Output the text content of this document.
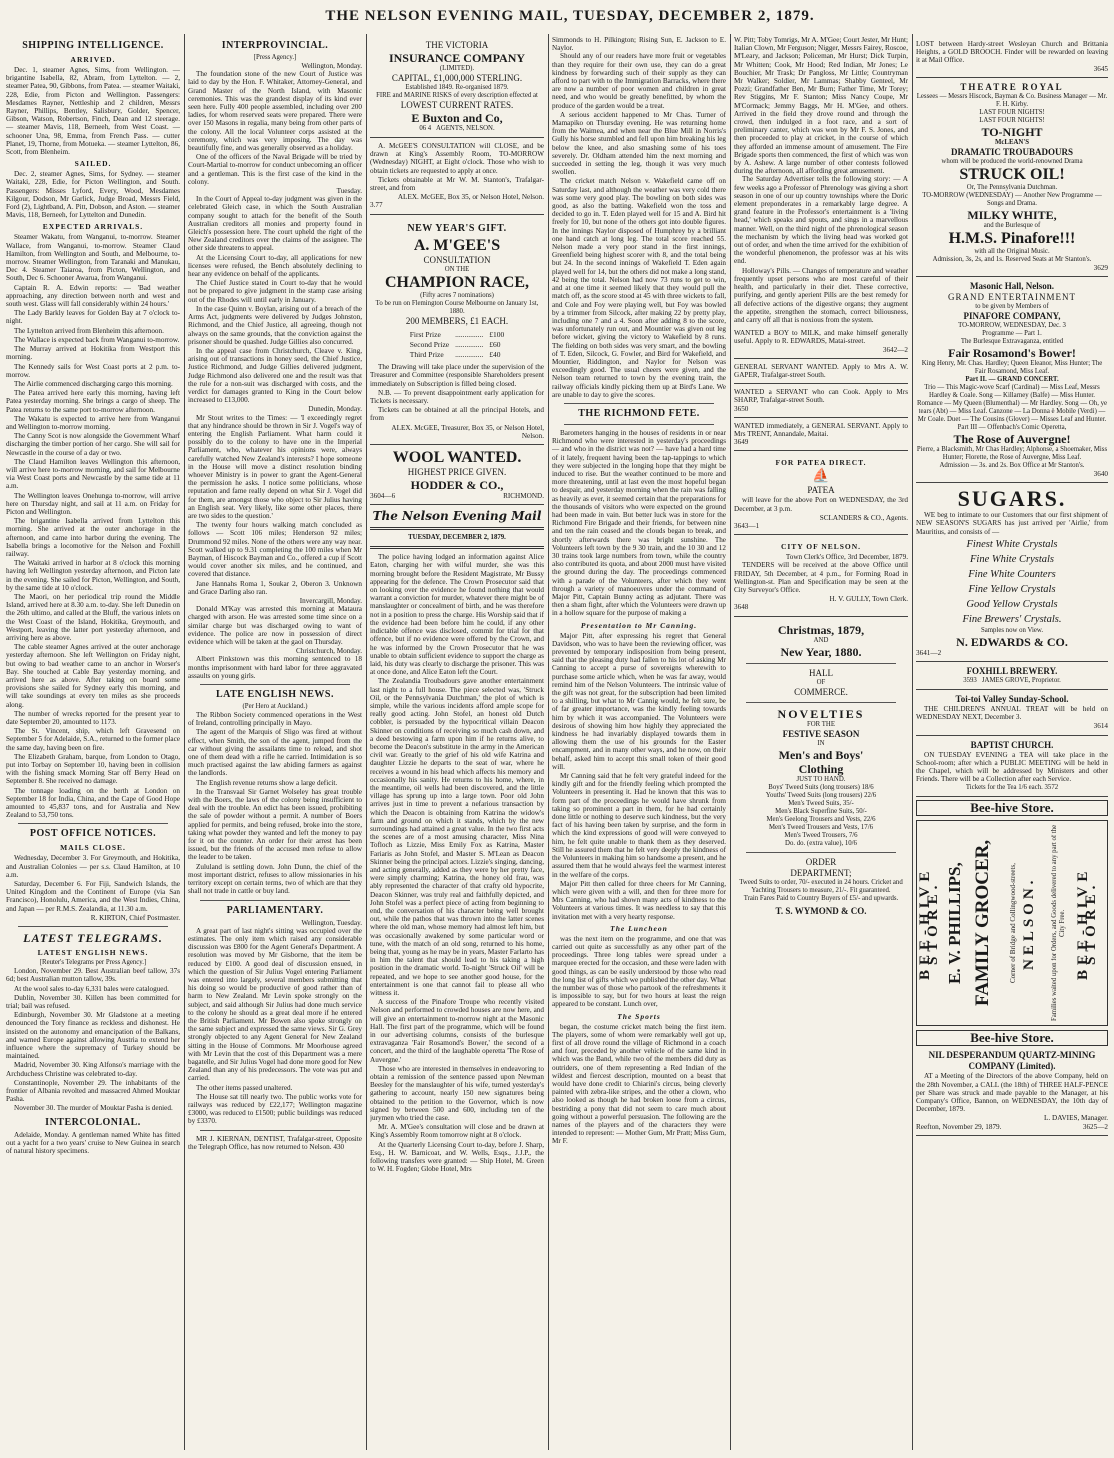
THE NELSON EVENING MAIL, TUESDAY, DECEMBER 2, 1879.
SHIPPING INTELLIGENCE.
ARRIVED.
Dec. 1, steamer Agnes, Sims, from Wellington. — brigantine Isabella, 82, Abram, from Lyttelton. — 2, steamer Patea, 90, Gibbons, from Patea. — steamer Waitaki, 228, Edie, from Picton and Wellington. Passengers: Mesdames Rayner, Nettleship and 2 children, Messrs Rayner, Phillips, Bentley, Salisbury, Golder, Spencer, Gibson, Watson, Robertson, Finch, Dean and 12 steerage. — steamer Mavis, 118, Berneeh, from West Coast. — schooner Una, 98, Emma, from French Pass. — cutter Planet, 19, Thorne, from Motueka. — steamer Lyttelton, 86, Scott, from Blenheim.
SAILED.
Dec. 2, steamer Agnes, Sims, for Sydney. — steamer Waitaki, 228, Edie, for Picton Wellington, and South. Passengers: Misses Lyford, Every, Wood, Mesdames Kilgour, Dodson, Mr Garlick, Judge Broad, Messrs Field, Ford (2), Lightband, A. Pitt, Dobson, and Aston. — steamer Mavis, 118, Berneeh, for Lyttelton and Dunedin.
EXPECTED ARRIVALS.
Steamer Wakatu, from Wanganui, to-morrow. Steamer Wallace, from Wanganui, to-morrow. Steamer Claud Hamilton, from Wellington and South, and Melbourne, to-morrow. Steamer Wellington, from Taranaki and Manukau, Dec 4. Steamer Taiaroa, from Picton, Wellington, and South, Dec 6. Schooner Awarua, from Wanganui.
Captain R. A. Edwin reports: — 'Bad weather approaching, any direction between north and west and south west. Glass will fall considerably within 24 hours.'
The Lady Barkly leaves for Golden Bay at 7 o'clock to-night.
The Lyttelton arrived from Blenheim this afternoon.
The Wallace is expected back from Wanganui to-morrow.
The Murray arrived at Hokitika from Westport this morning.
The Kennedy sails for West Coast ports at 2 p.m. to-morrow.
The Airlie commenced discharging cargo this morning.
The Patea arrived here early this morning, having left Patea yesterday morning. She brings a cargo of sheep. The Patea returns to the same port to-morrow afternoon.
The Wakatu is expected to arrive here from Wanganui and Wellington to-morrow morning.
The Canny Scot is now alongside the Government Wharf discharging the timber portion of her cargo. She will sail for Newcastle in the course of a day or two.
The Claud Hamilton leaves Wellington this afternoon, will arrive here to-morrow morning, and sail for Melbourne via West Coast ports and Newcastle by the same tide at 11 a.m.
The Wellington leaves Onehunga to-morrow, will arrive here on Thursday night, and sail at 11 a.m. on Friday for Picton and Wellington.
The brigantine Isabella arrived from Lyttelton this morning. She arrived at the outer anchorage in the afternoon, and came into harbor during the evening. The Isabella brings a locomotive for the Nelson and Foxhill railway.
The Waitaki arrived in harbor at 8 o'clock this morning having left Wellington yesterday afternoon, and Picton late in the evening. She sailed for Picton, Wellington, and South, by the same tide at 10 o'clock.
The Maori, on her periodical trip round the Middle Island, arrived here at 8.30 a.m. to-day. She left Dunedin on the 26th ultimo, and called at the Bluff, the various inlets on the West Coast of the Island, Hokitika, Greymouth, and Westport, leaving the latter port yesterday afternoon, and arriving here as above.
The cable steamer Agnes arrived at the outer anchorage yesterday afternoon. She left Wellington on Friday night, but owing to bad weather came to an anchor in Worser's Bay. She touched at Cable Bay yesterday morning, and arrived here as above. After taking on board some provisions she sailed for Sydney early this morning, and will take soundings at every ten miles as she proceeds along.
The number of wrecks reported for the present year to date September 20, amounted to 1173.
The St. Vincent, ship, which left Gravesend on September 5 for Adelaide, S.A., returned to the former place the same day, having been on fire.
The Elizabeth Graham, barque, from London to Otago, put into Torbay on September 10, having been in collision with the fishing smack Morning Star off Berry Head on September 8. She received no damage.
The tonnage loading on the berth at London on September 18 for India, China, and the Cape of Good Hope amounted to 45,837 tons, and for Australia and New Zealand to 53,750 tons.
POST OFFICE NOTICES.
MAILS CLOSE.
Wednesday, December 3. For Greymouth, and Hokitika, and Australian Colonies — per s.s. Claud Hamilton, at 10 a.m.
Saturday, December 6. For Fiji, Sandwich Islands, the United Kingdom and the Continent of Europe (via San Francisco), Honolulu, America, and the West Indies, China, and Japan — per R.M.S. Zealandia, at 11.30 a.m.
R. KIRTON, Chief Postmaster.
LATEST TELEGRAMS.
LATEST ENGLISH NEWS.
[Reuter's Telegrams per Press Agency.]
London, November 29. Best Australian beef tallow, 37s 6d; best Australian mutton tallow, 39s.
At the wool sales to-day 6,331 bales were catalogued.
Dublin, November 30. Killen has been committed for trial; bail was refused.
Edinburgh, November 30. Mr Gladstone at a meeting denounced the Tory finance as reckless and dishonest. He insisted on the autonomy and emancipation of the Balkans, and warned Europe against allowing Austria to extend her influence where the supremacy of Turkey should be maintained.
Madrid, November 30. King Alfonso's marriage with the Archduchess Christine was celebrated to-day.
Constantinople, November 29. The inhabitants of the frontier of Albania revolted and massacred Ahmed Mouktar Pasha.
November 30. The murder of Mouktar Pasha is denied.
INTERCOLONIAL.
Adelaide, Monday. A gentleman named White has fitted out a yacht for a two years' cruise to New Guinea in search of natural history specimens.
INTERPROVINCIAL.
[Press Agency.]
Wellington, Monday.
The foundation stone of the new Court of Justice was laid to day by the Hon. F. Whitaker, Attorney-General, and Grand Master of the North Island, with Masonic ceremonies. This was the grandest display of its kind ever seen here. Fully 400 people assembled, including over 200 ladies, for whom reserved seats were prepared. There were over 150 Masons in regalia, many being from other parts of the colony. All the local Volunteer corps assisted at the ceremony, which was very imposing. The day was beautifully fine, and was generally observed as a holiday.
One of the officers of the Naval Brigade will be tried by Court-Martial to-morrow for conduct unbecoming an officer and a gentleman. This is the first case of the kind in the colony.
Tuesday.
In the Court of Appeal to-day judgment was given in the celebrated Gleich case, in which the South Australian company sought to attach for the benefit of the South Australian creditors all monies and property found in Gleich's possession here. The court upheld the right of the New Zealand creditors over the claims of the assignee. The other side threatens to appeal.
At the Licensing Court to-day, all applications for new licenses were refused, the Bench absolutely declining to hear any evidence on behalf of the applicants.
The Chief Justice stated in Court to-day that he would not be prepared to give judgment in the stamp case arising out of the Rhodes will until early in January.
In the case Quinn v. Boylan, arising out of a breach of the Arms Act, judgments were delivered by Judges Johnston, Richmond, and the Chief Justice, all agreeing, though not always on the same grounds, that the conviction against the prisoner should be quashed. Judge Gillies also concurred.
In the appeal case from Christchurch, Cleave v. King, arising out of transactions in honey seed, the Chief Justice, Justice Richmond, and Judge Gillies delivered judgment, Judge Richmond also delivered one and the result was that the rule for a non-suit was discharged with costs, and the verdict for damages granted to King in the Court below increased to £13,000.
Dunedin, Monday.
Mr Stout writes to the Times: — 'I exceedingly regret that any hindrance should be thrown in Sir J. Vogel's way of entering the English Parliament. What harm could it possibly do to the colony to have one in the Imperial Parliament, who, whatever his opinions were, always carefully watched New Zealand's interests? I hope someone in the House will move a distinct resolution binding whoever Ministry is in power to grant the Agent-General the permission he asks. I notice some politicians, whose reputation and fame really depend on what Sir J. Vogel did for them, are amongst those who object to Sir Julius having an English seat. Very likely, like some other places, there are two sides to the question.'
The twenty four hours walking match concluded as follows — Scott 106 miles; Henderson 92 miles; Drummond 92 miles. None of the others were any way near. Scott walked up to 9.31 completing the 100 miles when Mr Bayman, of Hiscock Bayman and Co., offered a cup if Scott would cover another six miles, and he continued, and covered that distance.
Jane Hannahs Roma 1, Soukar 2, Oberon 3. Unknown and Grace Darling also ran.
Invercargill, Monday.
Donald M'Kay was arrested this morning at Mataura charged with arson. He was arrested some time since on a similar charge but was discharged owing to want of evidence. The police are now in possession of direct evidence which will be taken at the gaol on Thursday.
Christchurch, Monday.
Albert Pinkstown was this morning sentenced to 18 months imprisonment with hard labor for three aggravated assaults on young girls.
LATE ENGLISH NEWS.
(Per Hero at Auckland.)
The Ribbon Society commenced operations in the West of Ireland, controlling principally in Mayo.
The agent of the Marquis of Sligo was fired at without effect, when Smith, the son of the agent, jumped from the car without giving the assailants time to reload, and shot one of them dead with a rifle he carried. Intimidation is so much practised against the law abiding farmers as against the landlords.
The English revenue returns show a large deficit.
In the Transvaal Sir Garnet Wolseley has great trouble with the Boers, the laws of the colony being insufficient to deal with the trouble. An edict has been issued, prohibiting the sale of powder without a permit. A number of Boers applied for permits, and being refused, broke into the store, taking what powder they wanted and left the money to pay for it on the counter. An order for their arrest has been issued, but the friends of the accused men refuse to allow the leader to be taken.
Zululand is settling down. John Dunn, the chief of the most important district, refuses to allow missionaries in his territory except on certain terms, two of which are that they shall not trade in cattle or buy land.
PARLIAMENTARY.
Wellington, Tuesday.
A great part of last night's sitting was occupied over the estimates. The only item which raised any considerable discussion was £800 for the Agent General's Department. A resolution was moved by Mr Gisborne, that the item be reduced by £100. A good deal of discussion ensued, in which the question of Sir Julius Vogel entering Parliament was entered into largely, several members submitting that his doing so would be productive of good rather than of harm to New Zealand. Mr Levin spoke strongly on the subject, and said although Sir Julius had done much service to the colony he should as a great deal more if he entered the British Parliament. Mr Bowen also spoke strongly on the same subject and expressed the same views. Sir G. Grey strongly objected to any Agent General for New Zealand sitting in the House of Commons. Mr Moorhouse agreed with Mr Levin that the cost of this Department was a mere bagatelle, and Sir Julius Vogel had done more good for New Zealand than any of his predecessors. The vote was put and carried.
The other items passed unaltered.
The House sat till nearly two. The public works vote for railways was reduced by £22,177; Wellington magazine £3000, was reduced to £1500; public buildings was reduced by £3370.
MR J. KIERNAN, DENTIST, Trafalgar-street, Opposite the Telegraph Office, has now returned to Nelson. 430
THE VICTORIA
INSURANCE COMPANY
(LIMITED).
CAPITAL, £1,000,000 STERLING.
Established 1849. Re-organised 1879.
FIRE and MARINE RISKS of every description effected at
LOWEST CURRENT RATES.
E Buxton and Co,
06 4 AGENTS, NELSON.
A. McGEE'S CONSULTATION will CLOSE, and be drawn at King's Assembly Room, TO-MORROW (Wednesday) NIGHT, at Eight o'clock. Those who wish to obtain tickets are requested to apply at once.
Tickets obtainable at Mr W. M. Stanton's, Trafalgar-street, and from
ALEX. McGEE, Box 35, or Nelson Hotel, Nelson.
3.77
NEW YEAR'S GIFT.
A. M'GEE'S
CONSULTATION
ON THE
CHAMPION RACE,
(Fifty acres 7 nominations)
To be run on Flemington Course Melbourne on January 1st, 1880.
200 MEMBERS, £1 EACH.
First Prize	...............	£100
Second Prize	...............	£60
Third Prize	...............	£40
The Drawing will take place under the supervision of the Treasurer and Committee (responsible Shareholders present immediately on Subscription is filled being closed.
N.B. — To prevent disappointment early application for Tickets is necessary.
Tickets can be obtained at all the principal Hotels, and from
ALEX. McGEE, Treasurer, Box 35, or Nelson Hotel, Nelson.
WOOL WANTED.
HIGHEST PRICE GIVEN.
HODDER & CO.,
3604—6	RICHMOND.
The Nelson Evening Mail
TUESDAY, DECEMBER 2, 1879.
The police having lodged an information against Alice Eaton, charging her with wilful murder, she was this morning brought before the Resident Magistrate, Mr Bussy appearing for the defence. The Crown Prosecutor said that on looking over the evidence he found nothing that would warrant a conviction for murder, whatever there might be of manslaughter or concealment of birth, and he was therefore not in a position to press the charge. His Worship said that if the evidence had been before him he could, if any other indictable offence was disclosed, commit for trial for that offence, but if no evidence were offered by the Crown, and he was informed by the Crown Prosecutor that he was unable to obtain sufficient evidence to support the charge as laid, his duty was clearly to discharge the prisoner. This was at once done, and Alice Eaton left the Court.
The Zealandia Troubadours gave another entertainment last night to a full house. The piece selected was, 'Struck Oil, or the Pennsylvania Dutchman,' the plot of which is simple, while the various incidents afford ample scope for really good acting. John Stofel, an honest old Dutch cobbler, is persuaded by the hypocritical villain Deacon Skinner on conditions of receiving so much cash down, and a deed bestowing a farm upon him if he returns alive, to become the Deacon's substitute in the army in the American civil war. Greatly to the grief of his old wife Katrina and daughter Lizzie he departs to the seat of war, where he receives a wound in his head which affects his memory and occasionally his sanity. He returns to his home, where, in the meantime, oil wells had been discovered, and the little village has sprung up into a large town. Poor old John arrives just in time to prevent a nefarious transaction by which the Deacon is obtaining from Katrina the widow's farm and ground on which it stands, which by the new surroundings had attained a great value. In the two first acts the scenes are of a most amusing character, Miss Nina Tofloch as Lizzie, Miss Emily Fox as Katrina, Master Fariaris as John Stofel, and Master S. M'Lean as Deacon Skinner being the principal actors. Lizzie's singing, dancing, and acting generally, added as they were by her pretty face, were simply charming; Katrina, the honey old frau, was ably represented the character of that crafty old hypocrite, Deacon Skinner, was truly real and faithfully depicted, and John Stofel was a perfect piece of acting from beginning to end, the conversation of his character being well brought out, while the pathos that was thrown into the latter scenes where the old man, whose memory had almost left him, but was occasionally awakened by some particular word or tune, with the match of an old song, returned to his home, being that, young as he may be in years, Master Farlarto has in him the talent that should lead to his taking a high position in the dramatic world. To-night 'Struck Oil' will be repeated, and we hope to see another good house, for the entertainment is one that cannot fail to please all who witness it.
A success of the Pinafore Troupe who recently visited Nelson and performed to crowded houses are now here, and will give an entertainment to-morrow night at the Masonic Hall. The first part of the programme, which will be found in our advertising columns, consists of the burlesque extravaganza 'Fair Rosamond's Bower,' the second of a concert, and the third of the laughable operetta 'The Rose of Auvergne.'
Those who are interested in themselves in endeavoring to obtain a remission of the sentence passed upon Newman Beesley for the manslaughter of his wife, turned yesterday's gathering to account, nearly 150 new signatures being obtained to the petition to the Governor, which is now signed by between 500 and 600, including ten of the jurymen who tried the case.
Mr. A. M'Gee's consultation will close and be drawn at King's Assembly Room tomorrow night at 8 o'clock.
At the Quarterly Licensing Court to-day, before J. Sharp, Esq., H. W. Barnicoat, and W. Wells, Esqs., J.J.P., the following transfers were granted: — Ship Hotel, M. Green to W. H. Fogden; Globe Hotel, Mrs
Simmonds to H. Pilkington; Rising Sun, E. Jackson to E. Naylor.
Should any of our readers have more fruit or vegetables than they require for their own use, they can do a great kindness by forwarding such of their supply as they can afford to part with to the Immigration Barracks, where there are now a number of poor women and children in great need, and who would be greatly benefitted, by whom the produce of the garden would be a treat.
A serious accident happened to Mr Chas. Turner of Mamapiko on Thursday evening. He was returning home from the Waimea, and when near the Blue Mill in Norris's Gully his horse stumbled and fell upon him breaking his leg below the knee, and also smashing some of his toes severely. Dr. Oldham attended him the next morning and succeeded in setting the leg, though it was very much swollen.
The cricket match Nelson v. Wakefield came off on Saturday last, and although the weather was very cold there was some very good play. The bowling on both sides was good, as also the batting. Wakefield won the toss and decided to go in. T. Eden played well for 15 and A. Bird hit freely for 10, but none of the others got into double figures. In the innings Naylor disposed of Humphrey by a brilliant one hand catch at long leg. The total score reached 55. Nelson made a very poor stand in the first innings, Greenfield being highest scorer with 8, and the total being but 24. In the second innings of Wakefield T. Eden again played well for 14, but the others did not make a long stand, 42 being the total. Nelson had now 73 runs to get to win, and at one time it seemed likely that they would pull the match off, as the score stood at 45 with three wickets to fall, and Cole and Foy were playing well, but Foy was bowled by a trimmer from Silcock, after making 22 by pretty play, including one 7 and a 4. Soon after adding 8 to the score, was unfortunately run out, and Mountier was given out leg before wicket, giving the victory to Wakefield by 8 runs. The fielding on both sides was very smart, and the bowling of T. Eden, Silcock, G. Fowler, and Bird for Wakefield, and Mountier, Riddington, and Naylor for Nelson was exceedingly good. The usual cheers were given, and the Nelson team returned to town by the evening train, the railway officials kindly picking them up at Bird's Lane. We are unable to day to give the scores.
THE RICHMOND FETE.
Barometers hanging in the houses of residents in or near Richmond who were interested in yesterday's proceedings — and who in the district was not? — have had a hard time of it lately, frequent having been the tap-tappings to which they were subjected in the longing hope that they might be induced to rise. But the weather continued to be more and more threatening, until at last even the most hopeful began to despair, and yesterday morning when the rain was falling as heavily as ever, it seemed certain that the preparations for the thousands of visitors who were expected on the ground had been made in vain. But better luck was in store for the Richmond Fire Brigade and their friends, for between nine and ten the rain ceased and the clouds began to break, and shortly afterwards there was bright sunshine. The Volunteers left town by the 9 30 train, and the 10 30 and 12 30 trains took large numbers from town, while the country also contributed its quota, and about 2000 must have visited the ground during the day. The proceedings commenced with a parade of the Volunteers, after which they went through a variety of manoeuvres under the command of Major Pitt, Captain Bunny acting as adjutant. There was then a sham fight, after which the Volunteers were drawn up in a hollow square for the purpose of making a
Presentation to Mr Canning.
Major Pitt, after expressing his regret that General Davidson, who was to have been the reviewing officer, was prevented by temporary indisposition from being present, said that the pleasing duty had fallen to his lot of asking Mr Canning to accept a purse of sovereigns wherewith to purchase some article which, when he was far away, would remind him of the Nelson Volunteers. The intrinsic value of the gift was not great, for the subscription had been limited to a shilling, but what to Mr Cannig would, he felt sure, be of far greater importance, was the kindly feeling towards him by which it was accompanied. The Volunteers were desirous of showing him how highly they appreciated the kindness he had invariably displayed towards them in allowing them the use of his grounds for the Easter encampment, and in many other ways, and he now, on their behalf, asked him to accept this small token of their good will.
Mr Canning said that he felt very grateful indeed for the kindly gift and for the friendly feeling which prompted the Volunteers in presenting it. Had he known that this was to form part of the proceedings he would have shrunk from taking so prominent a part in them, for he had certainly done little or nothing to deserve such kindness, but the very fact of his having been taken by surprise, and the form in which the kind expressions of good will were conveyed to him, he felt quite unable to thank them as they deserved. Still he assured them that he felt very deeply the kindness of the Volunteers in making him so handsome a present, and he assured them that he would always feel the warmest interest in the welfare of the corps.
Major Pitt then called for three cheers for Mr Canning, which were given with a will, and then for three more for Mrs Canning, who had shown many acts of kindness to the Volunteers at various times. It was needless to say that this invitation met with a very hearty response.
The Luncheon
was the next item on the programme, and one that was carried out quite as successfully as any other part of the proceedings. Three long tables were spread under a marquee erected for the occasion, and these were laden with good things, as can be easily understood by those who read the long list of gifts which we published the other day. What the number was of those who partook of the refreshments it is impossible to say, but for two hours at least the reign appeared to be constant. Lunch over,
The Sports
began, the costume cricket match being the first item. The players, some of whom were remarkably well got up, first of all drove round the village of Richmond in a coach and four, preceded by another vehicle of the same kind in which was the Band, while two of the members did duty as outriders, one of them representing a Red Indian of the wildest and fiercest description, mounted on a beast that would have done credit to Chiarini's circus, being cleverly painted with zebra-like stripes, and the other a clown, who also looked as though he had broken loose from a circus, bestriding a pony that did not seem to care much about going without a powerful persuasion. The following are the names of the players and of the characters they were intended to represent: — Mother Gum, Mr Pratt; Miss Gum, Mr F.
W. Pitt; Toby Tomrigs, Mr A. M'Gee; Court Jester, Mr Hunt; Italian Clown, Mr Ferguson; Nigger, Messrs Fairey, Roscoe, M'Leary, and Jackson; Policeman, Mr Hurst; Dick Turpin, Mr Whitten; Cook, Mr Hood; Red Indian, Mr Jones; Le Bouchier, Mr Trask; Dr Pangloss, Mr Little; Countryman Mr Walker; Soldier, Mr Lammas; Shabby Genteel, Mr Pozzi; Grandfather Ben, Mr Burn; Father Time, Mr Torey; Rev Stiggins, Mr F. Stanton; Miss Nancy Coupe, Mr M'Cormack; Jemmy Baggs, Mr H. M'Gee, and others. Arrived in the field they drove round and through the crowd, then indulged in a foot race, and a sort of preliminary canter, which was won by Mr F. S. Jones, and then proceeded to play at cricket, in the course of which they afforded an immense amount of amusement. The Fire Brigade sports then commenced, the first of which was won by A. Ashew. A large number of other contests followed during the afternoon, all affording great amusement.
The Saturday Advertiser tells the following story: — A few weeks ago a Professor of Phrenology was giving a short season in one of our up country townships where the Doric element preponderates in a remarkably large degree. A grand feature in the Professor's entertainment is a 'living head,' which speaks and spouts, and sings in a marvellous manner. Well, on the third night of the phrenological season the mechanism by which the living head was worked got out of order, and when the time arrived for the exhibition of the wonderful phenomenon, the professor was at his wits end.
Holloway's Pills. — Changes of temperature and weather frequently upset persons who are most careful of their health, and particularly in their diet. These corrective, purifying, and gently aperient Pills are the best remedy for all defective actions of the digestive organs; they augment the appetite, strengthen the stomach, correct biliousness, and carry off all that is noxious from the system.
WANTED a BOY to MILK, and make himself generally useful. Apply to R. EDWARDS, Matai-street.
3642—2
GENERAL SERVANT WANTED. Apply to Mrs A. W. GAPER, Trafalgar-street South.
WANTED a SERVANT who can Cook. Apply to Mrs SHARP, Trafalgar-street South.
3650
WANTED immediately, a GENERAL SERVANT. Apply to Mrs TRENT, Annandale, Maitai.
3649
FOR PATEA DIRECT.
⛵
PATEA
will leave for the above Port on WEDNESDAY, the 3rd December, at 3 p.m.
SCLANDERS & CO., Agents.
3643—1
CITY OF NELSON.
Town Clerk's Office, 3rd December, 1879.
TENDERS will be received at the above Office until FRIDAY, 5th December, at 4 p.m., for Forming Road in Wellington-st. Plan and Specification may be seen at the City Surveyor's Office.
H. V. GULLY, Town Clerk.
3648
Christmas, 1879,
AND
New Year, 1880.
HALL
OF
COMMERCE.
NOVELTIES
FOR THE
FESTIVE SEASON
IN
Men's and Boys'
Clothing
JUST TO HAND.
Boys' Tweed Suits (long trousers) 18/6
Youths' Tweed Suits (long trousers) 22/6
Men's Tweed Suits, 35/-
Men's Black Superfine Suits, 50/-
Men's Geelong Trousers and Vests, 22/6
Men's Tweed Trousers and Vests, 17/6
Men's Tweed Trousers, 7/6
Do. do. (extra value), 10/6
ORDER
DEPARTMENT;
Tweed Suits to order, 70/- executed in 24 hours. Cricket and Yachting Trousers to measure, 21/-. Fit guaranteed.
Train Fares Paid to Country Buyers of £5/- and upwards.
T. S. WYMOND & CO.
LOST between Hardy-street Wesleyan Church and Brittania Heights, a GOLD BROOCH. Finder will be rewarded on leaving it at Mail Office.
3645
THEATRE ROYAL
Lessees — Messrs Hiscock, Bayman & Co. Business Manager — Mr. F. H. Kirby.
LAST FOUR NIGHTS!
LAST FOUR NIGHTS!
TO-NIGHT
McLEAN'S
DRAMATIC TROUBADOURS
whom will be produced the world-renowned Drama
STRUCK OIL!
Or, The Pennsylvania Dutchman.
TO-MORROW (WEDNESDAY) — Another New Programme — Songs and Drama.
MILKY WHITE,
and the Burlesque of
H.M.S. Pinafore!!!
with all the Original Music.
Admission, 3s, 2s, and 1s. Reserved Seats at Mr Stanton's.
3629
Masonic Hall, Nelson.
GRAND ENTERTAINMENT
to be given by Members of
PINAFORE COMPANY,
TO-MORROW, WEDNESDAY, Dec. 3
Programme — Part 1.
The Burlesque Extravaganza, entitled
Fair Rosamond's Bower!
King Henry, Mr. Chas. Hardley; Queen Eleanor, Miss Hunter; The Fair Rosamond, Miss Leaf.
Part II. — GRAND CONCERT.
Trio — This Magic-wove Scarf (Cardinal) — Miss Leaf, Messrs Hardley & Coale. Song — Killarney (Balfe) — Miss Hunter. Romance — My Queen (Blumenthal) — Mr Hardley. Song — Oh, ye tears (Abt) — Miss Leaf. Canzone — La Donna è Mobile (Verdi) — Mr Coale. Duet — The Cousins (Glover) — Misses Leaf and Hunter.
Part III — Offenbach's Comic Operetta,
The Rose of Auvergne!
Pierre, a Blacksmith, Mr Chas Hardley; Alphonse, a Shoemaker, Miss Hunter; Florette, the Rose of Auvergne, Miss Leaf.
Admission — 3s. and 2s. Box Office at Mr Stanton's.
3640
SUGARS.
WE beg to intimate to our Customers that our first shipment of NEW SEASON'S SUGARS has just arrived per 'Airlie,' from Mauritius, and consists of —
Finest White Crystals
Fine White Crystals
Fine White Counters
Fine Yellow Crystals
Good Yellow Crystals
Fine Brewers' Crystals.
Samples now on View.
N. EDWARDS & CO.
3641—2
FOXHILL BREWERY.
3593 JAMES GROVE, Proprietor.
Toi-toi Valley Sunday-School.
THE CHILDREN'S ANNUAL TREAT will be held on WEDNESDAY NEXT, December 3.
3614
BAPTIST CHURCH.
ON TUESDAY EVENING a TEA will take place in the School-room; after which a PUBLIC MEETING will be held in the Chapel, which will be addressed by Ministers and other Friends. There will be a Collection after each Service.
Tickets for the Tea 1/6 each. 3572
Bee-hive Store.
BEE-HIVE STORE. E. V. PHILLIPS, FAMILY GROCER,	Corner of Bridge and Collingwood-streets, NELSON.	Families waited upon for Orders, and Goods delivered to any part of the City Free. BEE-HIVE STORE.
Bee-hive Store.
NIL DESPERANDUM QUARTZ-MINING COMPANY (Limited).
AT a Meeting of the Directors of the above Company, held on the 28th November, a CALL (the 18th) of THREE HALF-PENCE per Share was struck and made payable to the Manager, at his Company's Office, Bannon, on WEDNESDAY, the 10th day of December, 1879.
L. DAVIES, Manager.
Reefton, November 29, 1879.	3625—2
